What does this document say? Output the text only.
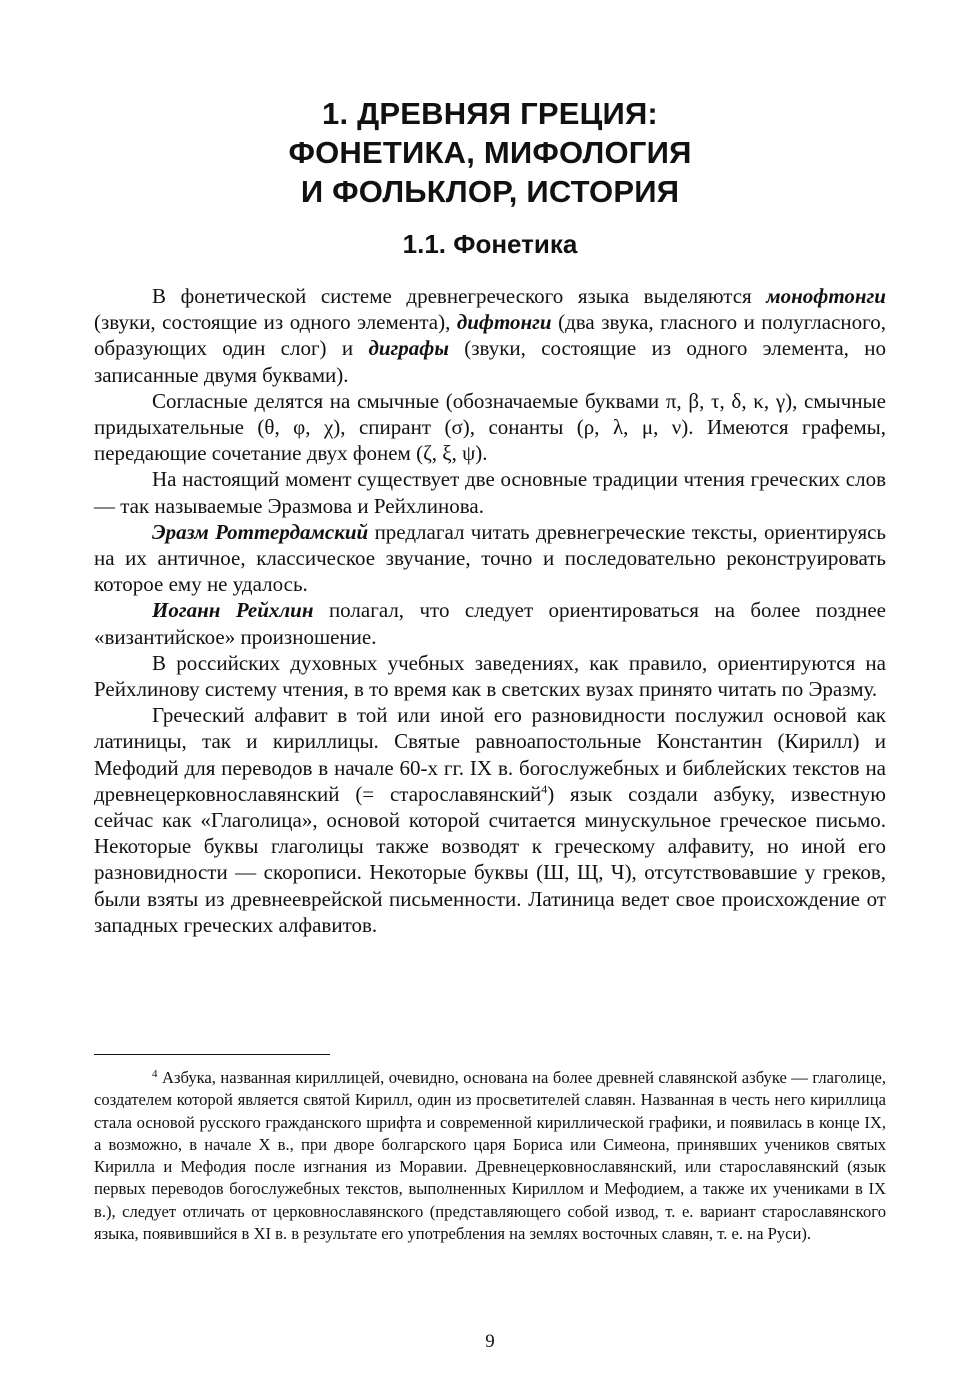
1. ДРЕВНЯЯ ГРЕЦИЯ:
ФОНЕТИКА, МИФОЛОГИЯ
И ФОЛЬКЛОР, ИСТОРИЯ
1.1. Фонетика

В фонетической системе древнегреческого языка выделяются монофтонги (звуки, состоящие из одного элемента), дифтонги (два звука, гласного и полугласного, образующих один слог) и диграфы (звуки, состоящие из одного элемента, но записанные двумя буквами).

Согласные делятся на смычные (обозначаемые буквами π, β, τ, δ, κ, γ), смычные придыхательные (θ, φ, χ), спирант (σ), сонанты (ρ, λ, μ, ν). Имеются графемы, передающие сочетание двух фонем (ζ, ξ, ψ).

На настоящий момент существует две основные традиции чтения греческих слов — так называемые Эразмова и Рейхлинова.

Эразм Роттердамский предлагал читать древнегреческие тексты, ориентируясь на их античное, классическое звучание, точно и последовательно реконструировать которое ему не удалось.

Иоганн Рейхлин полагал, что следует ориентироваться на более позднее «византийское» произношение.

В российских духовных учебных заведениях, как правило, ориентируются на Рейхлинову систему чтения, в то время как в светских вузах принято читать по Эразму.

Греческий алфавит в той или иной его разновидности послужил основой как латиницы, так и кириллицы. Святые равноапостольные Константин (Кирилл) и Мефодий для переводов в начале 60-х гг. IX в. богослужебных и библейских текстов на древнецерковнославянский (= старославянский$^4$) язык создали азбуку, известную сейчас как «Глаголица», основой которой считается минускульное греческое письмо. Некоторые буквы глаголицы также возводят к греческому алфавиту, но иной его разновидности — скорописи. Некоторые буквы (Ш, Щ, Ч), отсутствовавшие у греков, были взяты из древнееврейской письменности. Латиница ведет свое происхождение от западных греческих алфавитов.

$^4$ Азбука, названная кириллицей, очевидно, основана на более древней славянской азбуке — глаголице, создателем которой является святой Кирилл, один из просветителей славян. Названная в честь него кириллица стала основой русского гражданского шрифта и современной кириллической графики, и появилась в конце IX, а возможно, в начале X в., при дворе болгарского царя Бориса или Симеона, принявших учеников святых Кирилла и Мефодия после изгнания из Моравии. Древнецерковнославянский, или старославянский (язык первых переводов богослужебных текстов, выполненных Кириллом и Мефодием, а также их учениками в IX в.), следует отличать от церковнославянского (представляющего собой извод, т. е. вариант старославянского языка, появившийся в XI в. в результате его употребления на землях восточных славян, т. е. на Руси).

9
